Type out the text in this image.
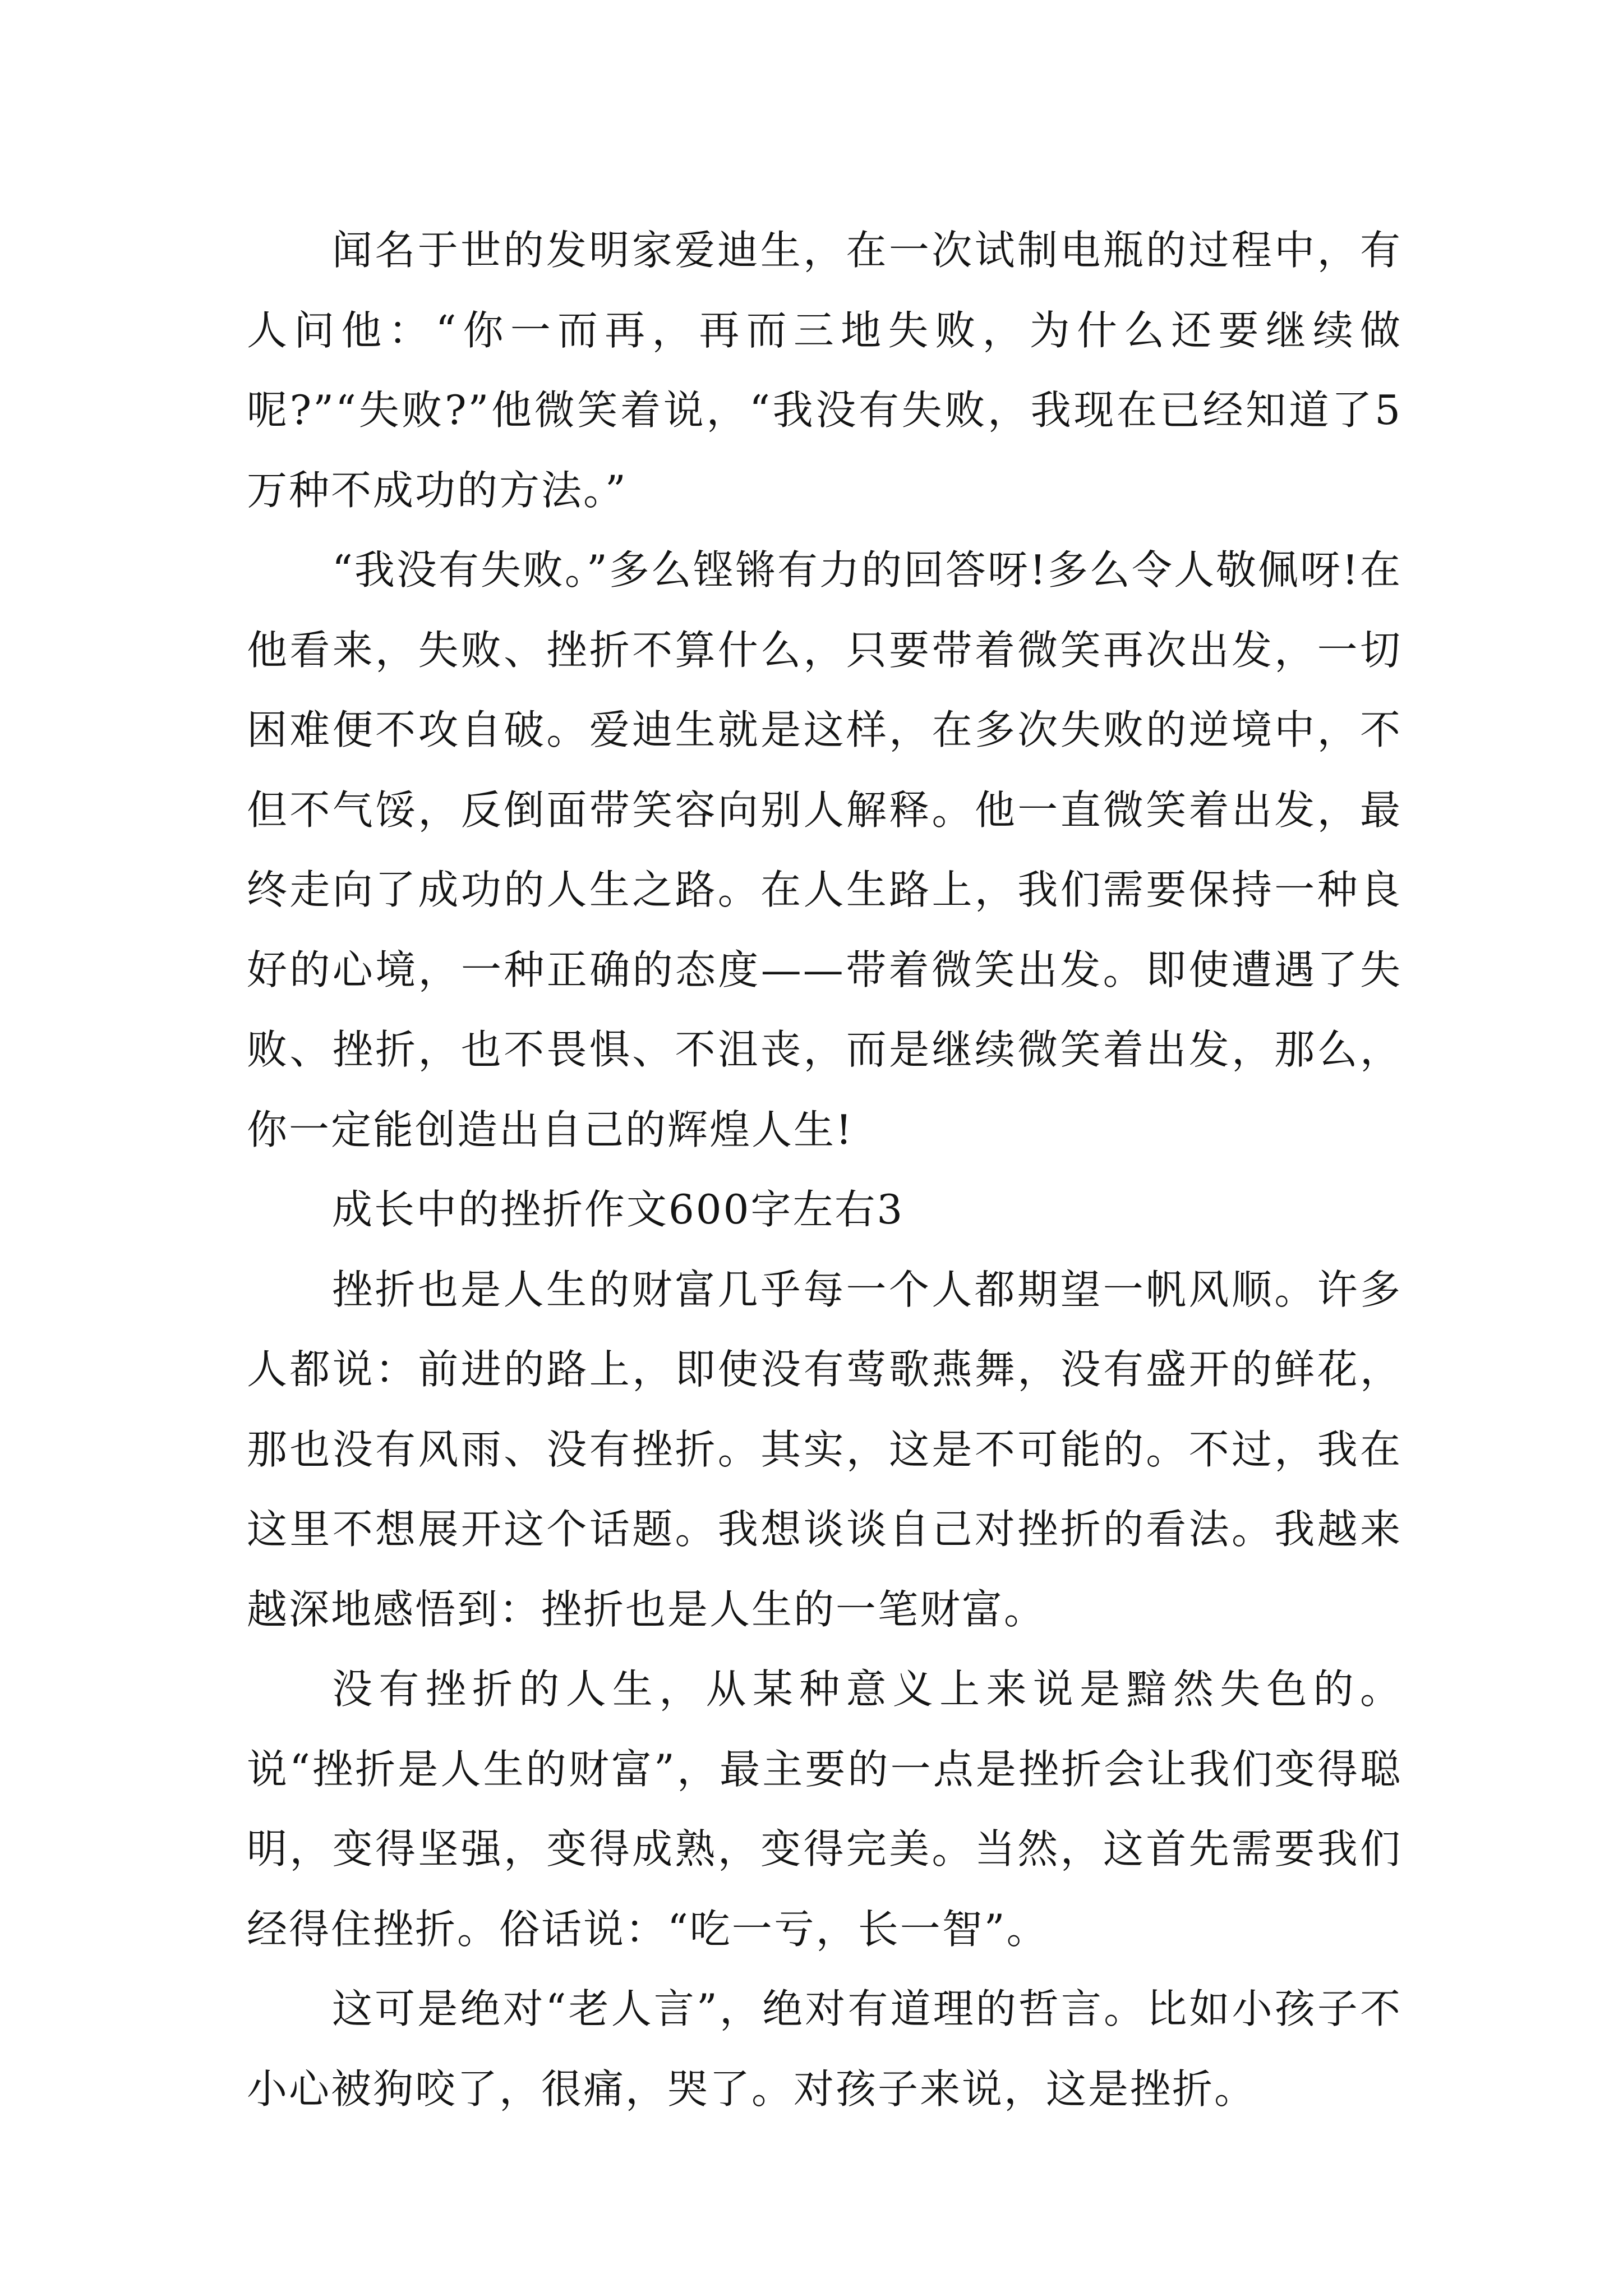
闻名于世的发明家爱迪生，在一次试制电瓶的过程中，有人问他：“你一而再，再而三地失败，为什么还要继续做呢?”“失败?”他微笑着说，“我没有失败，我现在已经知道了5万种不成功的方法。”

“我没有失败。”多么铿锵有力的回答呀!多么令人敬佩呀!在他看来，失败、挫折不算什么，只要带着微笑再次出发，一切困难便不攻自破。爱迪生就是这样，在多次失败的逆境中，不但不气馁，反倒面带笑容向别人解释。他一直微笑着出发，最终走向了成功的人生之路。在人生路上，我们需要保持一种良好的心境，一种正确的态度——带着微笑出发。即使遭遇了失败、挫折，也不畏惧、不沮丧，而是继续微笑着出发，那么，你一定能创造出自己的辉煌人生!

成长中的挫折作文600字左右3

挫折也是人生的财富几乎每一个人都期望一帆风顺。许多人都说：前进的路上，即使没有莺歌燕舞，没有盛开的鲜花，那也没有风雨、没有挫折。其实，这是不可能的。不过，我在这里不想展开这个话题。我想谈谈自己对挫折的看法。我越来越深地感悟到：挫折也是人生的一笔财富。

没有挫折的人生，从某种意义上来说是黯然失色的。说“挫折是人生的财富”，最主要的一点是挫折会让我们变得聪明，变得坚强，变得成熟，变得完美。当然，这首先需要我们经得住挫折。俗话说：“吃一亏，长一智”。

这可是绝对“老人言”，绝对有道理的哲言。比如小孩子不小心被狗咬了，很痛，哭了。对孩子来说，这是挫折。
